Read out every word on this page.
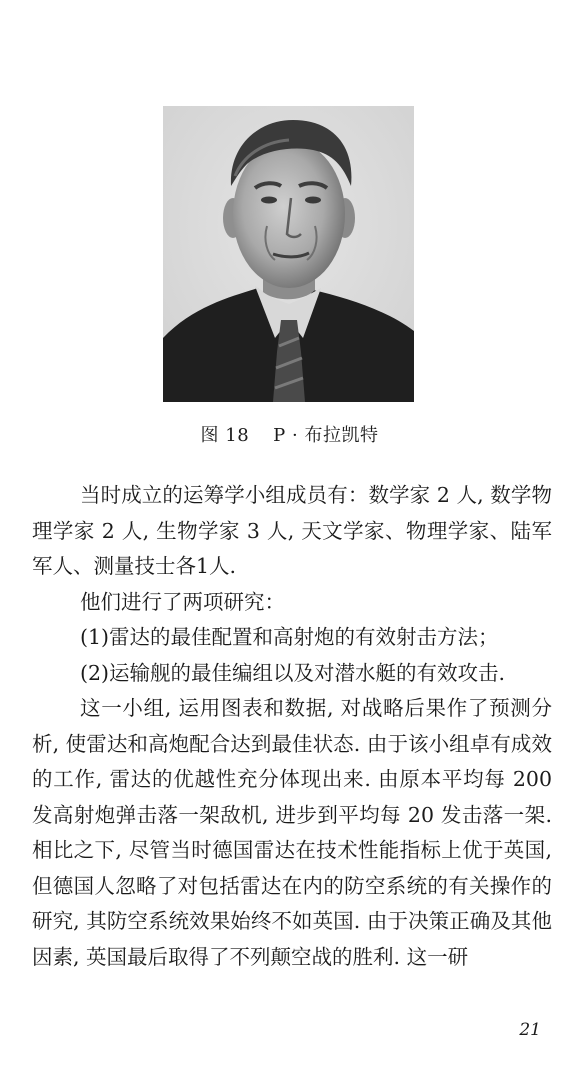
图 18 P · 布拉凯特

当时成立的运筹学小组成员有：数学家 2 人, 数学物理学家 2 人, 生物学家 3 人, 天文学家、物理学家、陆军军人、测量技士各1人.

他们进行了两项研究：

(1)雷达的最佳配置和高射炮的有效射击方法；

(2)运输舰的最佳编组以及对潜水艇的有效攻击.

这一小组, 运用图表和数据, 对战略后果作了预测分析, 使雷达和高炮配合达到最佳状态. 由于该小组卓有成效的工作, 雷达的优越性充分体现出来. 由原本平均每 200 发高射炮弹击落一架敌机, 进步到平均每 20 发击落一架. 相比之下, 尽管当时德国雷达在技术性能指标上优于英国, 但德国人忽略了对包括雷达在内的防空系统的有关操作的研究, 其防空系统效果始终不如英国. 由于决策正确及其他因素, 英国最后取得了不列颠空战的胜利. 这一研

21
